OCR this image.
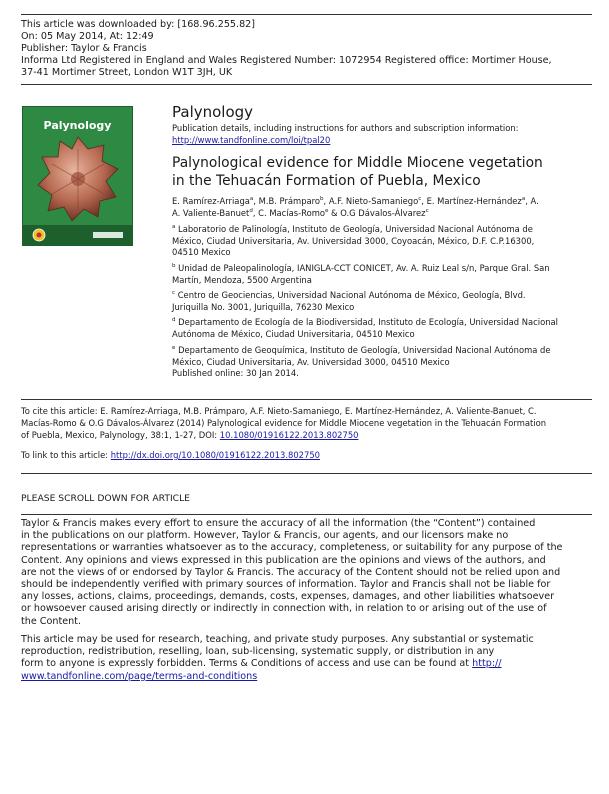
This article was downloaded by: [168.96.255.82]
On: 05 May 2014, At: 12:49
Publisher: Taylor & Francis
Informa Ltd Registered in England and Wales Registered Number: 1072954 Registered office: Mortimer House,
37-41 Mortimer Street, London W1T 3JH, UK
Palynology
Palynology
Publication details, including instructions for authors and subscription information:
http://www.tandfonline.com/loi/tpal20
Palynological evidence for Middle Miocene vegetation
in the Tehuacán Formation of Puebla, Mexico
E. Ramírez-Arriaga$^a$, M.B. Prámparo$^b$, A.F. Nieto-Samaniego$^c$, E. Martínez-Hernández$^a$, A.
A. Valiente-Banuet$^d$, C. Macías-Romo$^e$ & O.G Dávalos-Álvarez$^c$
$^a$ Laboratorio de Palinología, Instituto de Geología, Universidad Nacional Autónoma de
México, Ciudad Universitaria, Av. Universidad 3000, Coyoacán, México, D.F. C.P.16300,
04510 Mexico
$^b$ Unidad de Paleopalinología, IANIGLA-CCT CONICET, Av. A. Ruiz Leal s/n, Parque Gral. San
Martín, Mendoza, 5500 Argentina
$^c$ Centro de Geociencias, Universidad Nacional Autónoma de México, Geología, Blvd.
Juriquilla No. 3001, Juriquilla, 76230 Mexico
$^d$ Departamento de Ecología de la Biodiversidad, Instituto de Ecología, Universidad Nacional
Autónoma de México, Ciudad Universitaria, 04510 Mexico
$^e$ Departamento de Geoquímica, Instituto de Geología, Universidad Nacional Autónoma de
México, Ciudad Universitaria, Av. Universidad 3000, 04510 Mexico
Published online: 30 Jan 2014.
To cite this article: E. Ramírez-Arriaga, M.B. Prámparo, A.F. Nieto-Samaniego, E. Martínez-Hernández, A. Valiente-Banuet, C.
Macías-Romo & O.G Dávalos-Álvarez (2014) Palynological evidence for Middle Miocene vegetation in the Tehuacán Formation
of Puebla, Mexico, Palynology, 38:1, 1-27, DOI: 10.1080/01916122.2013.802750
To link to this article: http://dx.doi.org/10.1080/01916122.2013.802750
PLEASE SCROLL DOWN FOR ARTICLE
Taylor & Francis makes every effort to ensure the accuracy of all the information (the “Content”) contained
in the publications on our platform. However, Taylor & Francis, our agents, and our licensors make no
representations or warranties whatsoever as to the accuracy, completeness, or suitability for any purpose of the
Content. Any opinions and views expressed in this publication are the opinions and views of the authors, and
are not the views of or endorsed by Taylor & Francis. The accuracy of the Content should not be relied upon and
should be independently verified with primary sources of information. Taylor and Francis shall not be liable for
any losses, actions, claims, proceedings, demands, costs, expenses, damages, and other liabilities whatsoever
or howsoever caused arising directly or indirectly in connection with, in relation to or arising out of the use of
the Content.
This article may be used for research, teaching, and private study purposes. Any substantial or systematic
reproduction, redistribution, reselling, loan, sub-licensing, systematic supply, or distribution in any
form to anyone is expressly forbidden. Terms & Conditions of access and use can be found at http://
www.tandfonline.com/page/terms-and-conditions
